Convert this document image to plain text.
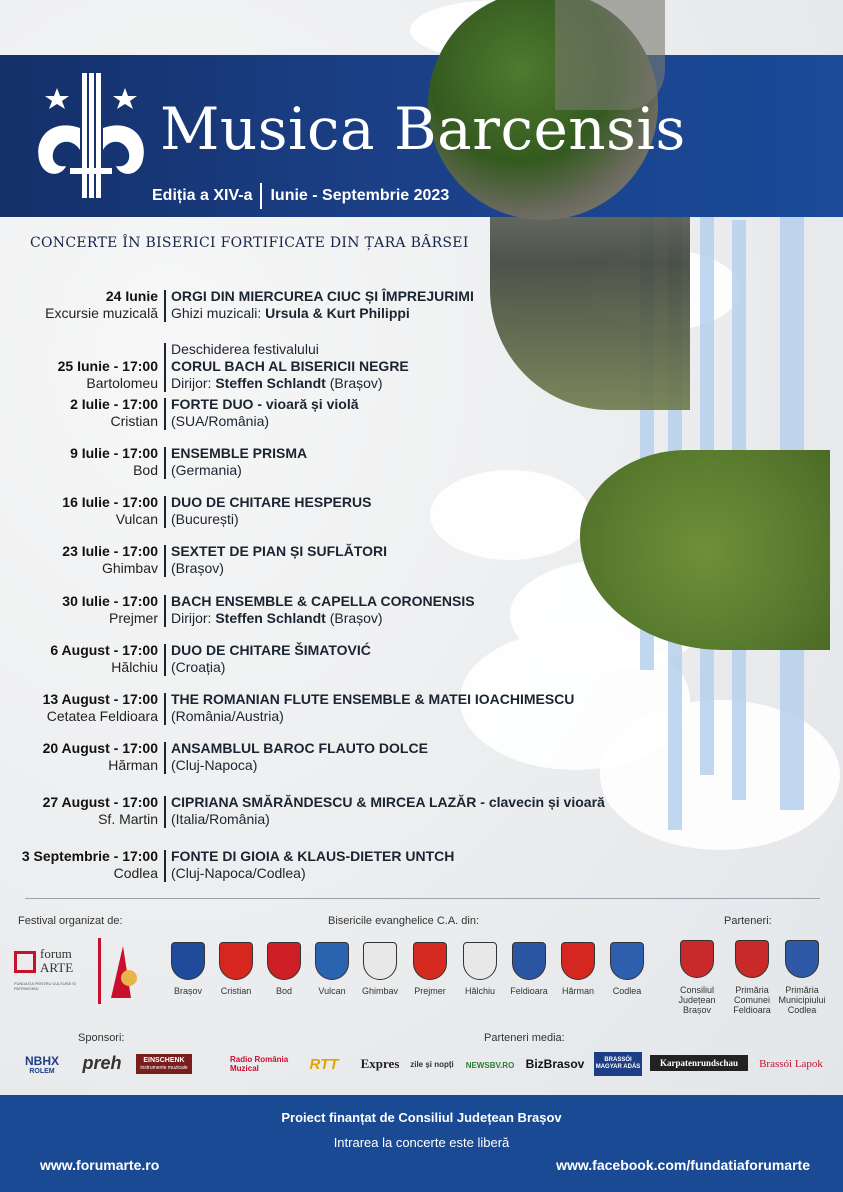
Musica Barcensis
Ediția a XIV-a Iunie - Septembrie 2023
CONCERTE ÎN BISERICI FORTIFICATE DIN ȚARA BÂRSEI
24 Iunie
Excursie muzicală
ORGI DIN MIERCUREA CIUC ȘI ÎMPREJURIMI
Ghizi muzicali: Ursula & Kurt Philippi
25 Iunie - 17:00
Bartolomeu
Deschiderea festivalului
CORUL BACH AL BISERICII NEGRE
Dirijor: Steffen Schlandt (Brașov)
2 Iulie - 17:00
Cristian
FORTE DUO - vioară și violă
(SUA/România)
9 Iulie - 17:00
Bod
ENSEMBLE PRISMA
(Germania)
16 Iulie - 17:00
Vulcan
DUO DE CHITARE HESPERUS
(București)
23 Iulie - 17:00
Ghimbav
SEXTET DE PIAN ȘI SUFLĂTORI
(Brașov)
30 Iulie - 17:00
Prejmer
BACH ENSEMBLE & CAPELLA CORONENSIS
Dirijor: Steffen Schlandt (Brașov)
6 August - 17:00
Hălchiu
DUO DE CHITARE ŠIMATOVIĆ
(Croația)
13 August - 17:00
Cetatea Feldioara
THE ROMANIAN FLUTE ENSEMBLE & MATEI IOACHIMESCU
(România/Austria)
20 August - 17:00
Hărman
ANSAMBLUL BAROC FLAUTO DOLCE
(Cluj-Napoca)
27 August - 17:00
Sf. Martin
CIPRIANA SMĂRĂNDESCU & MIRCEA LAZĂR - clavecin și vioară
(Italia/România)
3 Septembrie - 17:00
Codlea
FONTE DI GIOIA & KLAUS-DIETER UNTCH
(Cluj-Napoca/Codlea)
Festival organizat de:
forum ARTE
FUNDAȚIA PENTRU CULTURĂ ȘI PATRIMONIU
Bisericile evanghelice C.A. din:
Brașov	Cristian	Bod	Vulcan	Ghimbav	Prejmer	Hălchiu	Feldioara	Hărman	Codlea
Parteneri:
Consiliul
Județean
Brașov
Primăria
Comunei
Feldioara
Primăria
Municipiului
Codlea
Sponsori:
NBHX
ROLEM	preh	EINSCHENK
instrumente muzicale
Parteneri media:
Radio România Muzical	RTT	Expres	zile și nopți	NEWSBV.RO BizBrasov	BRASSÓI MAGYAR ADÁS	Karpatenrundschau	Brassói Lapok
Proiect finanțat de Consiliul Județean Brașov
Intrarea la concerte este liberă
www.forumarte.ro	www.facebook.com/fundatiaforumarte
